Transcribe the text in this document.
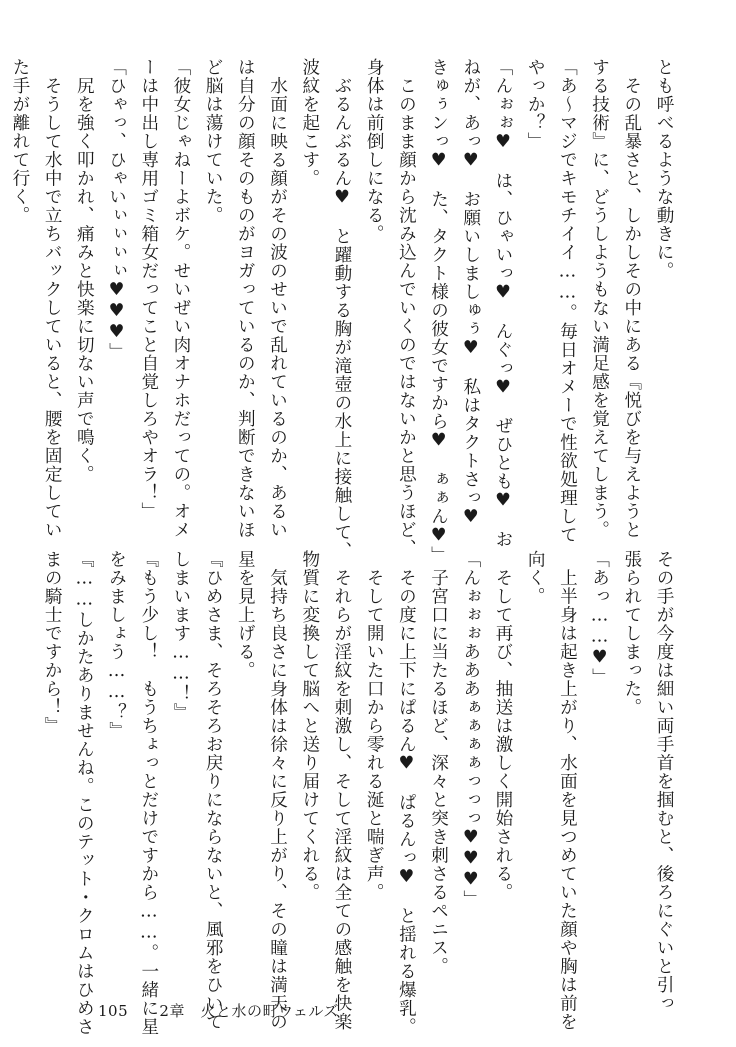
とも呼べるような動きに。
　その乱暴さと、しかしその中にある『悦びを与えようと
する技術』に、どうしようもない満足感を覚えてしまう。
「あ～マジでキモチイイ……。毎日オメーで性欲処理して
やっか？」
「んぉぉ♥　は、ひゃいっ♥　んぐっ♥　ぜひとも♥　お
ねが、あっ♥　お願いしましゅぅ♥　私はタクトさっ♥
きゅぅンっ♥　た、タクト様の彼女ですから♥　ぁぁん♥」
　このまま顔から沈み込んでいくのではないかと思うほど、
身体は前倒しになる。
　ぶるんぶるん♥　と躍動する胸が滝壺の水上に接触して、
波紋を起こす。
　水面に映る顔がその波のせいで乱れているのか、あるい
は自分の顔そのものがヨガっているのか、判断できないほ
ど脳は蕩けていた。
「彼女じゃねーよボケ。せいぜい肉オナホだっての。オメ
ーは中出し専用ゴミ箱女だってこと自覚しろやオラ！」
「ひゃっ、ひゃいぃぃぃぃ♥♥♥」
　尻を強く叩かれ、痛みと快楽に切ない声で鳴く。
　そうして水中で立ちバックしていると、腰を固定してい
た手が離れて行く。
その手が今度は細い両手首を掴むと、後ろにぐいと引っ
張られてしまった。
「あっ……♥」
　上半身は起き上がり、水面を見つめていた顔や胸は前を
向く。
　そして再び、抽送は激しく開始される。
「んぉぉぉあああぁぁぁぁっっっ♥♥♥」
　子宮口に当たるほど、深々と突き刺さるペニス。
　その度に上下にぱるん♥　ぱるんっ♥　と揺れる爆乳。
　そして開いた口から零れる涎と喘ぎ声。
　それらが淫紋を刺激し、そして淫紋は全ての感触を快楽
物質に変換して脳へと送り届けてくれる。
　気持ち良さに身体は徐々に反り上がり、その瞳は満天の
星を見上げる。
『ひめさま、そろそろお戻りにならないと、風邪をひいて
しまいます……！』
『もう少し！　もうちょっとだけですから……。一緒に星
をみましょう……？』
『……しかたありませんね。このテット・クロムはひめさ
まの騎士ですから！』
105 2章　火と水の町ウェルズ
